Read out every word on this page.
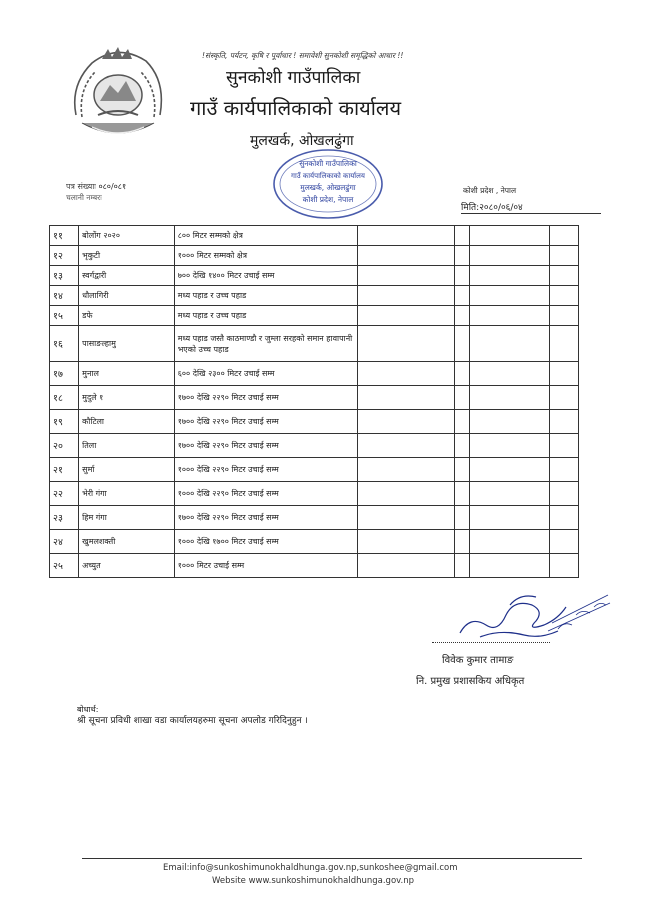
!संस्कृति, पर्यटन, कृषि र पूर्वाधार ! समावेशी सुनकोशी समृद्धिको आधार !!
सुनकोशी गाउँपालिका
गाउँ कार्यपालिकाको कार्यालय
मुलखर्क, ओखलढुंगा
सुनकोशी गाउँपालिका
गाउँ कार्यपालिकाको कार्यालय
मुलखर्क, ओखलढुंगा
कोशी प्रदेश, नेपाल
पत्र संख्याः ०८०/०८१
चलानी नम्बरः
कोशी प्रदेश , नेपाल
मिति:२०८०/०६/०४
११	बोलोंग २०२०	८०० मिटर सम्मको क्षेत्र				
१२	भृकुटी	१००० मिटर सम्मको क्षेत्र				
१३	स्वर्गद्वारी	७०० देखि १४०० मिटर उचाई सम्म				
१४	धौलागिरी	मध्य पहाड र उच्च पहाड				
१५	डफे	मध्य पहाड र उच्च पहाड				
१६	पासाङल्हामु	मध्य पहाड जस्तै काठमाण्डौ र जुम्ला सरहको समान हावापानी भएको उच्च पहाड				
१७	मुनाल	६०० देखि २३०० मिटर उचाई सम्म				
१८	मुदुले १	१७०० देखि २२९० मिटर उचाई सम्म				
१९	कौटिला	१७०० देखि २२९० मिटर उचाई सम्म				
२०	तिला	१७०० देखि २२९० मिटर उचाई सम्म				
२१	सुर्मा	१००० देखि २२९० मिटर उचाई सम्म				
२२	भेरी गंगा	१००० देखि २२९० मिटर उचाई सम्म				
२३	हिम गंगा	१७०० देखि २२९० मिटर उचाई सम्म				
२४	खुमलशक्ती	१००० देखि १७०० मिटर उचाई सम्म				
२५	अच्युत	१००० मिटर उचाई सम्म				
विवेक कुमार तामाङ
नि. प्रमुख प्रशासकिय अधिकृत
बोधार्थ:
श्री सूचना प्रविधी शाखा वडा कार्यालयहरुमा सूचना अपलोड गरिदिनुहुन ।
Email:info@sunkoshimunokhaldhunga.gov.np,sunkoshee@gmail.com
Website www.sunkoshimunokhaldhunga.gov.np
